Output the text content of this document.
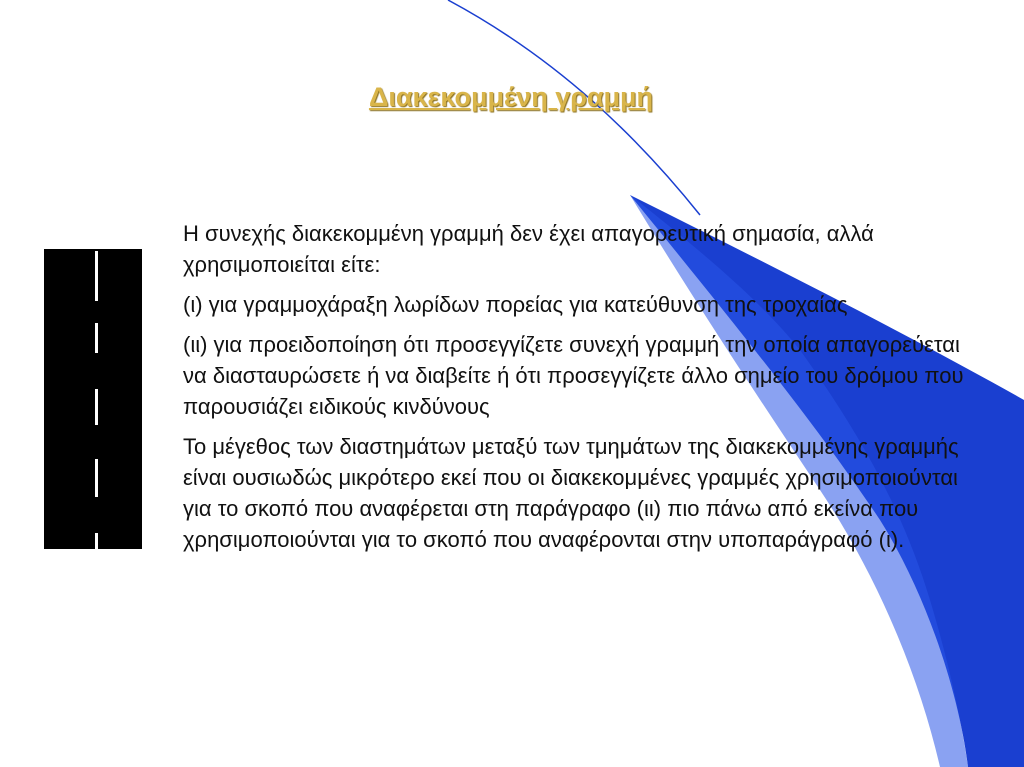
Διακεκομμένη γραμμή

Η συνεχής διακεκομμένη γραμμή δεν έχει απαγορευτική σημασία, αλλά χρησιμοποιείται είτε:

(ι) για γραμμοχάραξη λωρίδων πορείας για κατεύθυνση της τροχαίας

(ιι) για προειδοποίηση ότι προσεγγίζετε συνεχή γραμμή την οποία απαγορεύεται να διασταυρώσετε ή να διαβείτε ή ότι προσεγγίζετε άλλο σημείο του δρόμου που παρουσιάζει ειδικούς κινδύνους

Το μέγεθος των διαστημάτων μεταξύ των τμημάτων της διακεκομμένης γραμμής είναι ουσιωδώς μικρότερο εκεί που οι διακεκομμένες γραμμές χρησιμοποιούνται για το σκοπό που αναφέρεται στη παράγραφο (ιι) πιο πάνω από εκείνα που χρησιμοποιούνται για το σκοπό που αναφέρονται στην υποπαράγραφό (ι).
